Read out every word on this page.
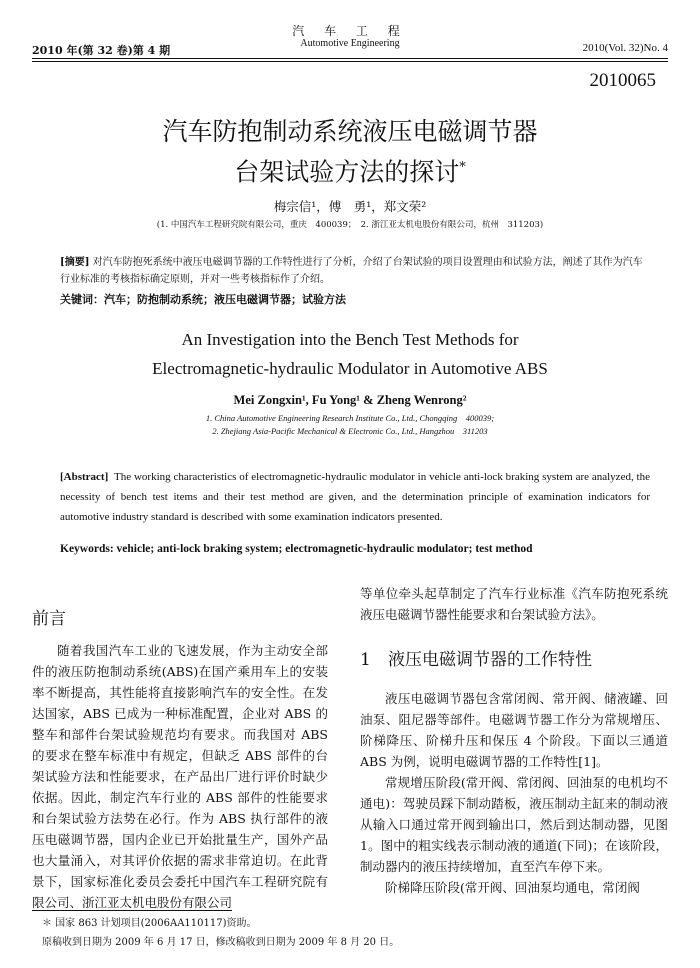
汽 车 工 程
Automotive Engineering
2010 年(第 32 卷)第 4 期	2010(Vol. 32)No. 4
2010065
汽车防抱制动系统液压电磁调节器
台架试验方法的探讨*
梅宗信¹，傅　勇¹，郑文荣²
(1. 中国汽车工程研究院有限公司，重庆　400039；　2. 浙江亚太机电股份有限公司，杭州　311203)
[摘要] 对汽车防抱死系统中液压电磁调节器的工作特性进行了分析，介绍了台架试验的项目设置理由和试验方法，阐述了其作为汽车行业标准的考核指标确定原则，并对一些考核指标作了介绍。
关键词：汽车；防抱制动系统；液压电磁调节器；试验方法
An Investigation into the Bench Test Methods for
Electromagnetic-hydraulic Modulator in Automotive ABS
Mei Zongxin¹, Fu Yong¹ & Zheng Wenrong²
1. China Automotive Engineering Research Institute Co., Ltd., Chongqing　400039;
2. Zhejiang Asia-Pacific Mechanical & Electronic Co., Ltd., Hangzhou　311203
[Abstract] The working characteristics of electromagnetic-hydraulic modulator in vehicle anti-lock braking system are analyzed, the necessity of bench test items and their test method are given, and the determination principle of examination indicators for automotive industry standard is described with some examination indicators presented.
Keywords: vehicle; anti-lock braking system; electromagnetic-hydraulic modulator; test method
前言

随着我国汽车工业的飞速发展，作为主动安全部件的液压防抱制动系统(ABS)在国产乘用车上的安装率不断提高，其性能将直接影响汽车的安全性。在发达国家，ABS 已成为一种标准配置，企业对 ABS 的整车和部件台架试验规范均有要求。而我国对 ABS 的要求在整车标准中有规定，但缺乏 ABS 部件的台架试验方法和性能要求，在产品出厂进行评价时缺少依据。因此，制定汽车行业的 ABS 部件的性能要求和台架试验方法势在必行。作为 ABS 执行部件的液压电磁调节器，国内企业已开始批量生产，国外产品也大量涌入，对其评价依据的需求非常迫切。在此背景下，国家标准化委员会委托中国汽车工程研究院有限公司、浙江亚太机电股份有限公司

等单位牵头起草制定了汽车行业标准《汽车防抱死系统液压电磁调节器性能要求和台架试验方法》。

1 液压电磁调节器的工作特性

液压电磁调节器包含常闭阀、常开阀、储液罐、回油泵、阻尼器等部件。电磁调节器工作分为常规增压、阶梯降压、阶梯升压和保压 4 个阶段。下面以三通道 ABS 为例，说明电磁调节器的工作特性[1]。

常规增压阶段(常开阀、常闭阀、回油泵的电机均不通电)：驾驶员踩下制动踏板，液压制动主缸来的制动液从输入口通过常开阀到输出口，然后到达制动器，见图 1。图中的粗实线表示制动液的通道(下同)；在该阶段，制动器内的液压持续增加，直至汽车停下来。

阶梯降压阶段(常开阀、回油泵均通电，常闭阀

＊ 国家 863 计划项目(2006AA110117)资助。
原稿收到日期为 2009 年 6 月 17 日，修改稿收到日期为 2009 年 8 月 20 日。
